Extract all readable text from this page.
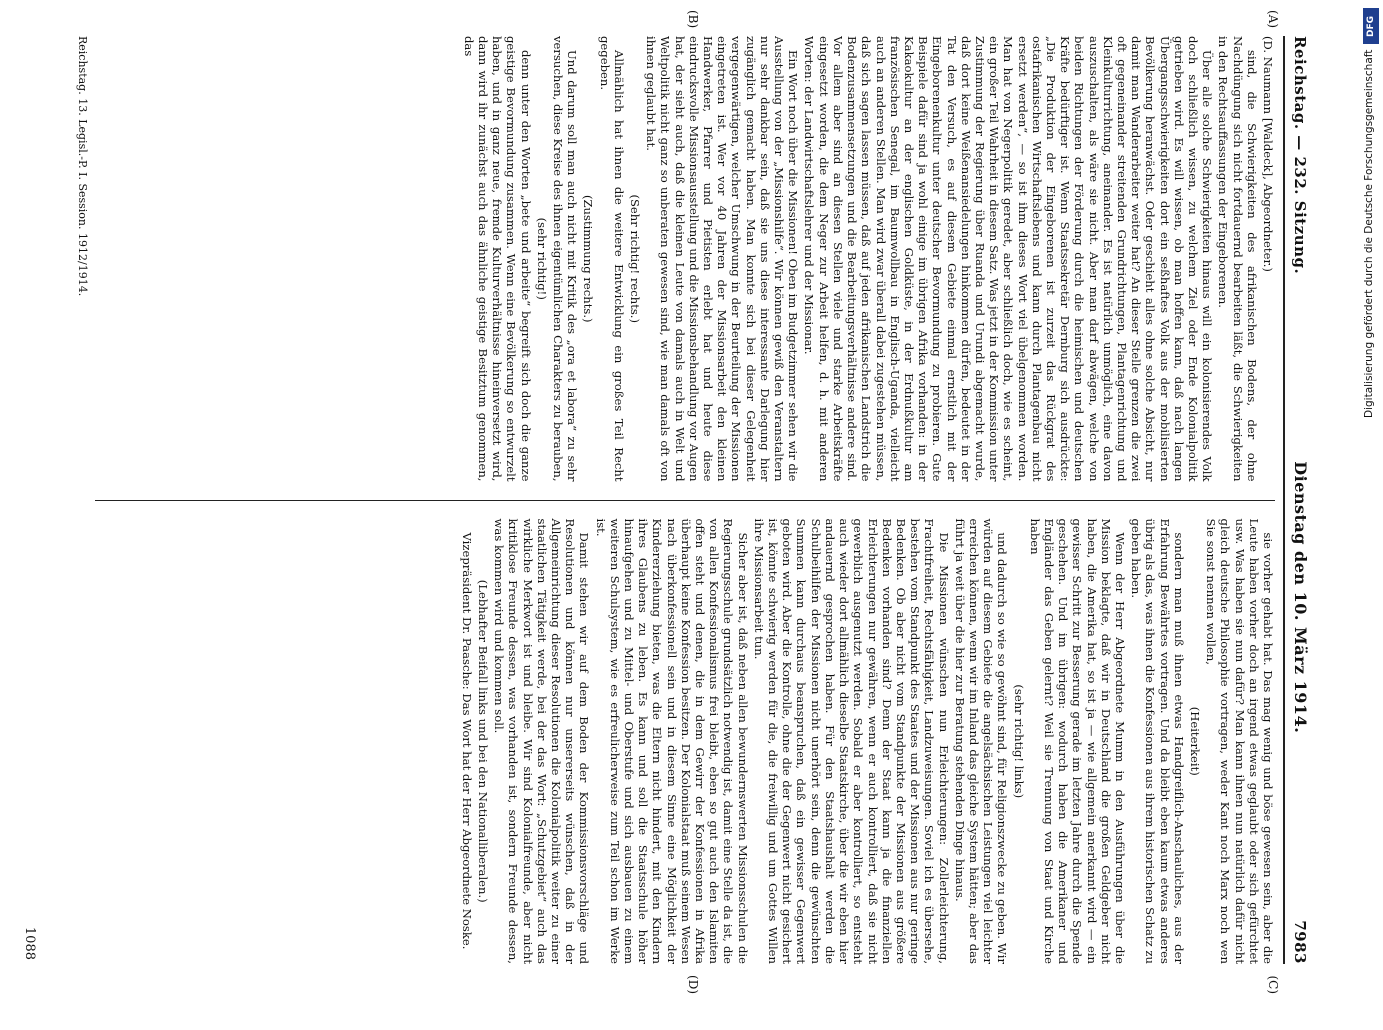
Reichstag. — 232. Sitzung.
Dienstag den 10. März 1914.
7983

(D. Naumann [Waldeck], Abgeordneter.)

sind, die Schwierigkeiten des afrikanischen Bodens, der ohne Nachdüngung sich nicht fortdauernd bearbeiten läßt, die Schwierigkeiten in den Rechtsauffassungen der Eingeborenen.

Über alle solche Schwierigkeiten hinaus will ein kolonisierendes Volk doch schließlich wissen, zu welchem Ziel oder Ende Kolonialpolitik getrieben wird. Es will wissen, ob man hoffen kann, daß nach langen Übergangsschwierigkeiten dort ein seßhaftes Volk aus der mobilisierten Bevölkerung heranwächst. Oder geschieht alles ohne solche Absicht, nur damit man Wanderarbeiter weiter hat? An dieser Stelle grenzen die zwei oft gegeneinander streitenden Grundrichtungen, Plantagenrichtung und Kleinkulturrichtung, aneinander. Es ist natürlich unmöglich, eine davon auszuschalten, als wäre sie nicht. Aber man darf abwägen, welche von beiden Richtungen der Förderung durch die heimischen und deutschen Kräfte bedürftiger ist. Wenn Staatssekretär Dernburg sich ausdrückte: „Die Produktion der Eingeborenen ist zurzeit das Rückgrat des ostafrikanischen Wirtschaftslebens und kann durch Plantagenbau nicht ersetzt werden“, — so ist ihm dieses Wort viel übelgenommen worden. Man hat von Negerpolitik geredet, aber schließlich doch, wie es scheint, ein großer Teil Wahrheit in diesem Satz. Was jetzt in der Kommission unter Zustimmung der Regierung über Ruanda und Urundi abgemacht wurde, daß dort keine Weißenansiedelungen hinkommen dürfen, bedeutet in der Tat den Versuch, es auf diesem Gebiete einmal ernstlich mit der Eingeborenenkultur unter deutscher Bevormundung zu probieren. Gute Beispiele dafür sind ja wohl einige im übrigen Afrika vorhanden: in der Kakaokultur an der englischen Goldküste, in der Erdnußkultur am französischen Senegal, im Baumwollbau in Englisch-Uganda, vielleicht auch an anderen Stellen. Man wird zwar überall dabei zugestehen müssen, daß sich sagen lassen müssen, daß auf jeden afrikanischen Landstrich die Bodenzusammensetzungen und die Bearbeitungsverhältnisse andere sind. Vor allem aber sind an diesen Stellen viele und starke Arbeitskräfte eingesetzt worden, die dem Neger zur Arbeit helfen, d. h. mit anderen Worten: der Landwirtschaftslehrer und der Missionar.

Ein Wort noch über die Missionen! Oben im Budgetzimmer sehen wir die Ausstellung von der „Missionshilfe“. Wir können gewiß den Veranstaltern nur sehr dankbar sein, daß sie uns diese interessante Darlegung hier zugänglich gemacht haben. Man konnte sich bei dieser Gelegenheit vergegenwärtigen, welcher Umschwung in der Beurteilung der Missionen eingetreten ist. Wer vor 40 Jahren der Missionsarbeit den kleinen Handwerker, Pfarrer und Pietisten erlebt hat und heute diese eindrucksvolle Missionsausstellung und die Missionsbehandlung vor Augen hat, der sieht auch, daß die kleinen Leute von damals auch in Welt und Weltpolitik nicht ganz so unberaten gewesen sind, wie man damals oft von ihnen geglaubt hat.

(Sehr richtig! rechts.)

Allmählich hat ihnen die weitere Entwicklung ein großes Teil Recht gegeben.

(Zustimmung rechts.)

Und darum soll man auch nicht mit Kritik des „ora et labora“ zu sehr versuchen, diese Kreise des ihnen eigentümlichen Charakters zu berauben,

(sehr richtig!)

denn unter den Worten „bete und arbeite“ begreift sich doch die ganze geistige Bevormundung zusammen. Wenn eine Bevölkerung so entwurzelt haben, und in ganz neue, fremde Kulturverhältnisse hineinversetzt wird, dann wird ihr zunächst auch das ähnliche geistige Besitztum genommen, das

sie vorher gehabt hat. Das mag wenig und böse gewesen sein, aber die Leute haben vorher doch an irgend etwas geglaubt oder sich gefürchtet usw. Was haben sie nun dafür? Man kann ihnen nun natürlich dafür nicht gleich deutsche Philosophie vortragen, weder Kant noch Marx noch wen Sie sonst nennen wollen,

(Heiterkeit)

sondern man muß ihnen etwas Handgreiflich-Anschauliches, aus der Erfahrung Bewährtes vortragen. Und da bleibt eben kaum etwas anderes übrig als das, was ihnen die Konfessionen aus ihrem historischen Schatz zu geben haben.

Wenn der Herr Abgeordnete Mumm in den Ausführungen über die Mission beklagte, daß wir in Deutschland die großen Geldgeber nicht haben, die Amerika hat, so ist ja — wie allgemein anerkannt wird — ein gewisser Schritt zur Besserung gerade im letzten Jahre durch die Spende geschehen. Und im übrigen: wodurch haben die Amerikaner und Engländer das Geben gelernt? Weil sie Trennung von Staat und Kirche haben

(sehr richtig! links)

und dadurch so wie so gewöhnt sind, für Religionszwecke zu geben. Wir würden auf diesem Gebiete die angelsächsischen Leistungen viel leichter erreichen können, wenn wir im Inland das gleiche System hätten; aber das führt ja weit über die hier zur Beratung stehenden Dinge hinaus.

Die Missionen wünschen nun Erleichterungen: Zollerleichterung, Frachtfreiheit, Rechtsfähigkeit, Landzuweisungen. Soviel ich es übersehe, bestehen vom Standpunkt des Staates und der Missionen aus nur geringe Bedenken. Ob aber nicht vom Standpunkte der Missionen aus größere Bedenken vorhanden sind? Denn der Staat kann ja die finanziellen Erleichterungen nur gewähren, wenn er auch kontrolliert, daß sie nicht gewerblich ausgenutzt werden. Sobald er aber kontrolliert, so entsteht auch wieder dort allmählich dieselbe Staatskirche, über die wir eben hier andauernd gesprochen haben. Für den Staatshaushalt werden die Schulbeihilfen der Missionen nicht unerhört sein, denn die gewünschten Summen kann durchaus beanspruchen, daß ein gewisser Gegenwert geboten wird. Aber die Kontrolle, ohne die der Gegenwert nicht gesichert ist, könnte schwierig werden für die, die freiwillig und um Gottes Willen ihre Missionsarbeit tun.

Sicher aber ist, daß neben allen bewundernswerten Missionsschulen die Regierungsschule grundsätzlich notwendig ist, damit eine Stelle da ist, die von allen Konfessionalismus frei bleibt, eben so gut auch den Islamiten offen steht und denen, die in dem Gewirr der Konfessionen in Afrika überhaupt keine Konfession besitzen. Der Kolonialstaat muß seinem Wesen nach überkonfessionell sein und in diesem Sinne eine Möglichkeit der Kindererziehung bieten, was die Eltern nicht hindert, mit den Kindern ihres Glaubens zu leben. Es kann und soll die Staatsschule höher hinaufgehen und zu Mittel- und Oberstufe und sich ausbauen zu einem weiteren Schulsystem, wie es erfreulicherweise zum Teil schon im Werke ist.

Damit stehen wir auf dem Boden der Kommissionsvorschläge und Resolutionen und können nur unsererseits wünschen, daß in der Allgemeinrichtung dieser Resolutionen die Kolonialpolitik weiter zu einer staatlichen Tätigkeit werde, bei der das Wort: „Schutzgebiet“ auch das wirkliche Merkwort ist und bleibe. Wir sind Kolonialfreunde, aber nicht kritiklose Freunde dessen, was vorhanden ist, sondern Freunde dessen, was kommen wird und kommen soll.

(Lebhafter Beifall links und bei den Nationalliberalen.)

Vizepräsident Dr. Paasche: Das Wort hat der Herr Abgeordnete Noske.

Reichstag. 13. Legisl.-P. I. Session. 1912/1914.
1088
(A)
(B)
(C)
(D)
DFG
Digitalisierung gefördert durch die Deutsche Forschungsgemeinschaft
